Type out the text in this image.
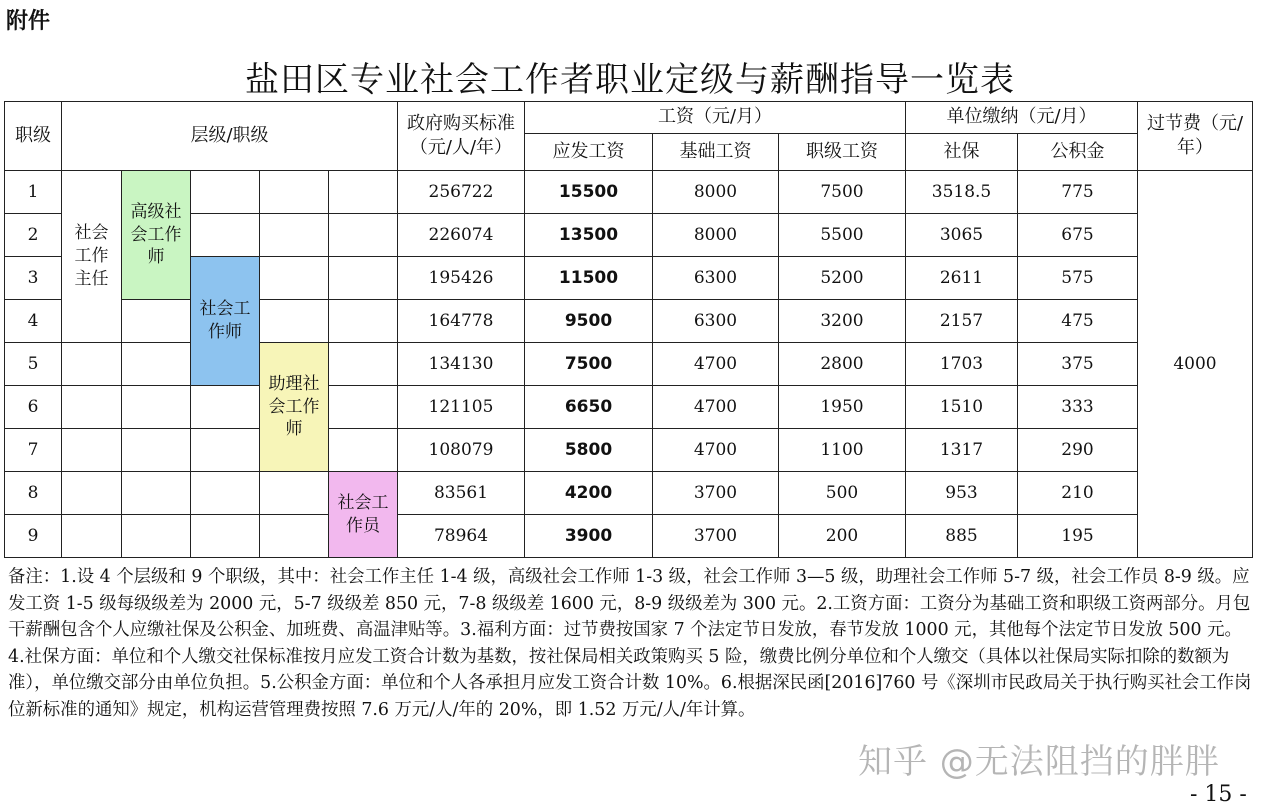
附件
盐田区专业社会工作者职业定级与薪酬指导一览表
职级	层级/职级					政府购买标准（元/人/年）	工资（元/月）			单位缴纳（元/月）		过节费（元/年）
							应发工资	基础工资	职级工资	社保	公积金	
1	社会工作主任	高级社会工作师				256722	15500	8000	7500	3518.5	775	4000
2						226074	13500	8000	5500	3065	675	
3			社会工作师			195426	11500	6300	5200	2611	575	
4						164778	9500	6300	3200	2157	475	
5				助理社会工作师		134130	7500	4700	2800	1703	375	
6						121105	6650	4700	1950	1510	333	
7						108079	5800	4700	1100	1317	290	
8					社会工作员	83561	4200	3700	500	953	210	
9						78964	3900	3700	200	885	195	
备注：1.设 4 个层级和 9 个职级，其中：社会工作主任 1-4 级，高级社会工作师 1-3 级，社会工作师 3—5 级，助理社会工作师 5-7 级，社会工作员 8-9 级。应发工资 1-5 级每级级差为 2000 元，5-7 级级差 850 元，7-8 级级差 1600 元，8-9 级级差为 300 元。2.工资方面：工资分为基础工资和职级工资两部分。月包干薪酬包含个人应缴社保及公积金、加班费、高温津贴等。3.福利方面：过节费按国家 7 个法定节日发放，春节发放 1000 元，其他每个法定节日发放 500 元。4.社保方面：单位和个人缴交社保标准按月应发工资合计数为基数，按社保局相关政策购买 5 险，缴费比例分单位和个人缴交（具体以社保局实际扣除的数额为准），单位缴交部分由单位负担。5.公积金方面：单位和个人各承担月应发工资合计数 10%。6.根据深民函[2016]760 号《深圳市民政局关于执行购买社会工作岗位新标准的通知》规定，机构运营管理费按照 7.6 万元/人/年的 20%，即 1.52 万元/人/年计算。
知乎 @无法阻挡的胖胖
- 15 -
